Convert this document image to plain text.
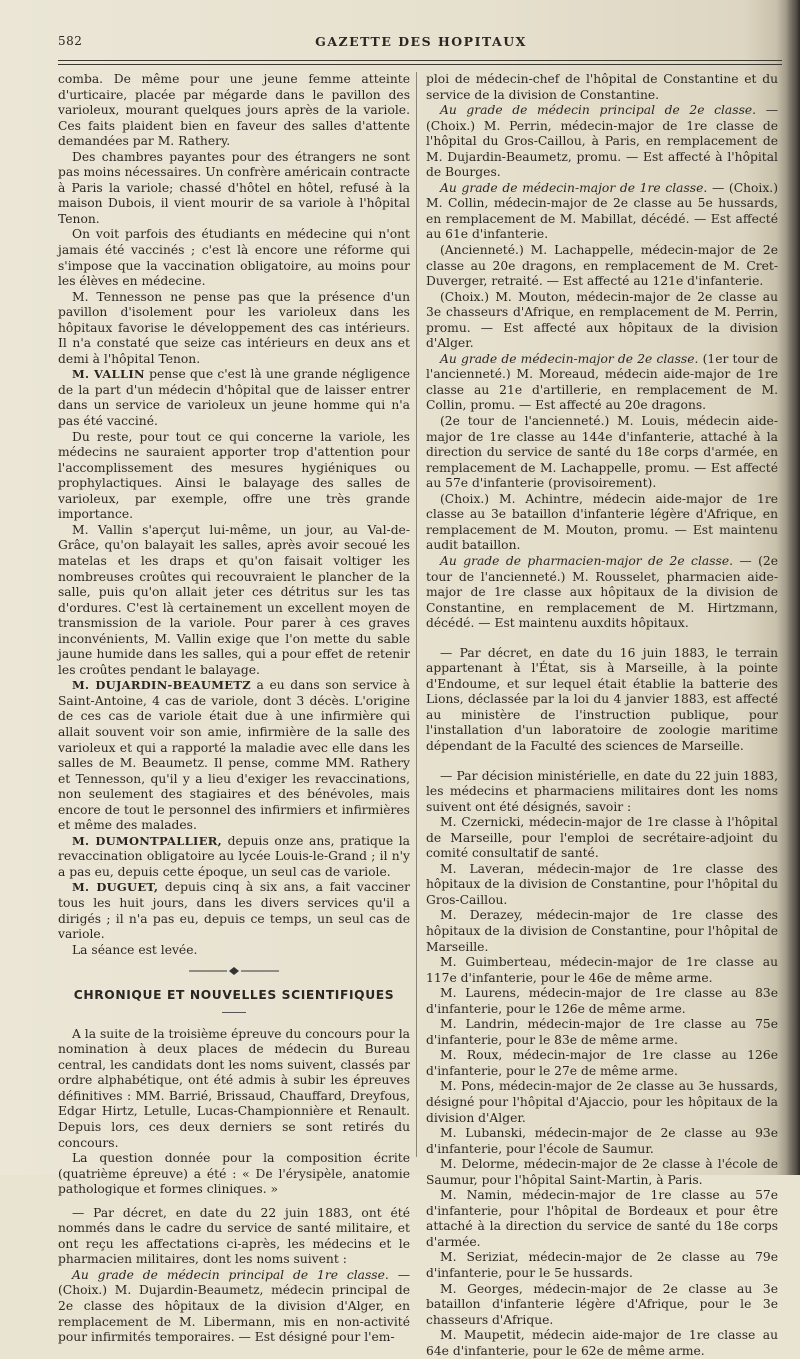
582	GAZETTE DES HOPITAUX

comba. De même pour une jeune femme atteinte d'urticaire, placée par mégarde dans le pavillon des varioleux, mourant quelques jours après de la variole. Ces faits plaident bien en faveur des salles d'attente demandées par M. Rathery.

Des chambres payantes pour des étrangers ne sont pas moins nécessaires. Un confrère américain contracte à Paris la variole; chassé d'hôtel en hôtel, refusé à la maison Dubois, il vient mourir de sa variole à l'hôpital Tenon.

On voit parfois des étudiants en médecine qui n'ont jamais été vaccinés ; c'est là encore une réforme qui s'impose que la vaccination obligatoire, au moins pour les élèves en médecine.

M. Tennesson ne pense pas que la présence d'un pavillon d'isolement pour les varioleux dans les hôpitaux favorise le développement des cas intérieurs. Il n'a constaté que seize cas intérieurs en deux ans et demi à l'hôpital Tenon.

M. VALLIN pense que c'est là une grande négligence de la part d'un médecin d'hôpital que de laisser entrer dans un service de varioleux un jeune homme qui n'a pas été vacciné.

Du reste, pour tout ce qui concerne la variole, les médecins ne sauraient apporter trop d'attention pour l'accomplissement des mesures hygiéniques ou prophylactiques. Ainsi le balayage des salles de varioleux, par exemple, offre une très grande importance.

M. Vallin s'aperçut lui-même, un jour, au Val-de-Grâce, qu'on balayait les salles, après avoir secoué les matelas et les draps et qu'on faisait voltiger les nombreuses croûtes qui recouvraient le plancher de la salle, puis qu'on allait jeter ces détritus sur les tas d'ordures. C'est là certainement un excellent moyen de transmission de la variole. Pour parer à ces graves inconvénients, M. Vallin exige que l'on mette du sable jaune humide dans les salles, qui a pour effet de retenir les croûtes pendant le balayage.

M. DUJARDIN-BEAUMETZ a eu dans son service à Saint-Antoine, 4 cas de variole, dont 3 décès. L'origine de ces cas de variole était due à une infirmière qui allait souvent voir son amie, infirmière de la salle des varioleux et qui a rapporté la maladie avec elle dans les salles de M. Beaumetz. Il pense, comme MM. Rathery et Tennesson, qu'il y a lieu d'exiger les revaccinations, non seulement des stagiaires et des bénévoles, mais encore de tout le personnel des infirmiers et infirmières et même des malades.

M. DUMONTPALLIER, depuis onze ans, pratique la revaccination obligatoire au lycée Louis-le-Grand ; il n'y a pas eu, depuis cette époque, un seul cas de variole.

M. DUGUET, depuis cinq à six ans, a fait vacciner tous les huit jours, dans les divers services qu'il a dirigés ; il n'a pas eu, depuis ce temps, un seul cas de variole.

La séance est levée.

CHRONIQUE ET NOUVELLES SCIENTIFIQUES

A la suite de la troisième épreuve du concours pour la nomination à deux places de médecin du Bureau central, les candidats dont les noms suivent, classés par ordre alphabétique, ont été admis à subir les épreuves définitives : MM. Barrié, Brissaud, Chauffard, Dreyfous, Edgar Hirtz, Letulle, Lucas-Championnière et Renault. Depuis lors, ces deux derniers se sont retirés du concours.

La question donnée pour la composition écrite (quatrième épreuve) a été : « De l'érysipèle, anatomie pathologique et formes cliniques. »

— Par décret, en date du 22 juin 1883, ont été nommés dans le cadre du service de santé militaire, et ont reçu les affectations ci-après, les médecins et le pharmacien militaires, dont les noms suivent :

Au grade de médecin principal de 1re classe. — (Choix.) M. Dujardin-Beaumetz, médecin principal de 2e classe des hôpitaux de la division d'Alger, en remplacement de M. Libermann, mis en non-activité pour infirmités temporaires. — Est désigné pour l'em-

ploi de médecin-chef de l'hôpital de Constantine et du service de la division de Constantine.

Au grade de médecin principal de 2e classe. — (Choix.) M. Perrin, médecin-major de 1re classe de l'hôpital du Gros-Caillou, à Paris, en remplacement de M. Dujardin-Beaumetz, promu. — Est affecté à l'hôpital de Bourges.

Au grade de médecin-major de 1re classe. — (Choix.) M. Collin, médecin-major de 2e classe au 5e hussards, en remplacement de M. Mabillat, décédé. — Est affecté au 61e d'infanterie.

(Ancienneté.) M. Lachappelle, médecin-major de 2e classe au 20e dragons, en remplacement de M. Cret-Duverger, retraité. — Est affecté au 121e d'infanterie.

(Choix.) M. Mouton, médecin-major de 2e classe au 3e chasseurs d'Afrique, en remplacement de M. Perrin, promu. — Est affecté aux hôpitaux de la division d'Alger.

Au grade de médecin-major de 2e classe. (1er tour de l'ancienneté.) M. Moreaud, médecin aide-major de 1re classe au 21e d'artillerie, en remplacement de M. Collin, promu. — Est affecté au 20e dragons.

(2e tour de l'ancienneté.) M. Louis, médecin aide-major de 1re classe au 144e d'infanterie, attaché à la direction du service de santé du 18e corps d'armée, en remplacement de M. Lachappelle, promu. — Est affecté au 57e d'infanterie (provisoirement).

(Choix.) M. Achintre, médecin aide-major de 1re classe au 3e bataillon d'infanterie légère d'Afrique, en remplacement de M. Mouton, promu. — Est maintenu audit bataillon.

Au grade de pharmacien-major de 2e classe. — (2e tour de l'ancienneté.) M. Rousselet, pharmacien aide-major de 1re classe aux hôpitaux de la division de Constantine, en remplacement de M. Hirtzmann, décédé. — Est maintenu auxdits hôpitaux.

— Par décret, en date du 16 juin 1883, le terrain appartenant à l'État, sis à Marseille, à la pointe d'Endoume, et sur lequel était établie la batterie des Lions, déclassée par la loi du 4 janvier 1883, est affecté au ministère de l'instruction publique, pour l'installation d'un laboratoire de zoologie maritime dépendant de la Faculté des sciences de Marseille.

— Par décision ministérielle, en date du 22 juin 1883, les médecins et pharmaciens militaires dont les noms suivent ont été désignés, savoir :

M. Czernicki, médecin-major de 1re classe à l'hôpital de Marseille, pour l'emploi de secrétaire-adjoint du comité consultatif de santé.

M. Laveran, médecin-major de 1re classe des hôpitaux de la division de Constantine, pour l'hôpital du Gros-Caillou.

M. Derazey, médecin-major de 1re classe des hôpitaux de la division de Constantine, pour l'hôpital de Marseille.

M. Guimberteau, médecin-major de 1re classe au 117e d'infanterie, pour le 46e de même arme.

M. Laurens, médecin-major de 1re classe au 83e d'infanterie, pour le 126e de même arme.

M. Landrin, médecin-major de 1re classe au 75e d'infanterie, pour le 83e de même arme.

M. Roux, médecin-major de 1re classe au 126e d'infanterie, pour le 27e de même arme.

M. Pons, médecin-major de 2e classe au 3e hussards, désigné pour l'hôpital d'Ajaccio, pour les hôpitaux de la division d'Alger.

M. Lubanski, médecin-major de 2e classe au 93e d'infanterie, pour l'école de Saumur.

M. Delorme, médecin-major de 2e classe à l'école de Saumur, pour l'hôpital Saint-Martin, à Paris.

M. Namin, médecin-major de 1re classe au 57e d'infanterie, pour l'hôpital de Bordeaux et pour être attaché à la direction du service de santé du 18e corps d'armée.

M. Seriziat, médecin-major de 2e classe au 79e d'infanterie, pour le 5e hussards.

M. Georges, médecin-major de 2e classe au 3e bataillon d'infanterie légère d'Afrique, pour le 3e chasseurs d'Afrique.

M. Maupetit, médecin aide-major de 1re classe au 64e d'infanterie, pour le 62e de même arme.
